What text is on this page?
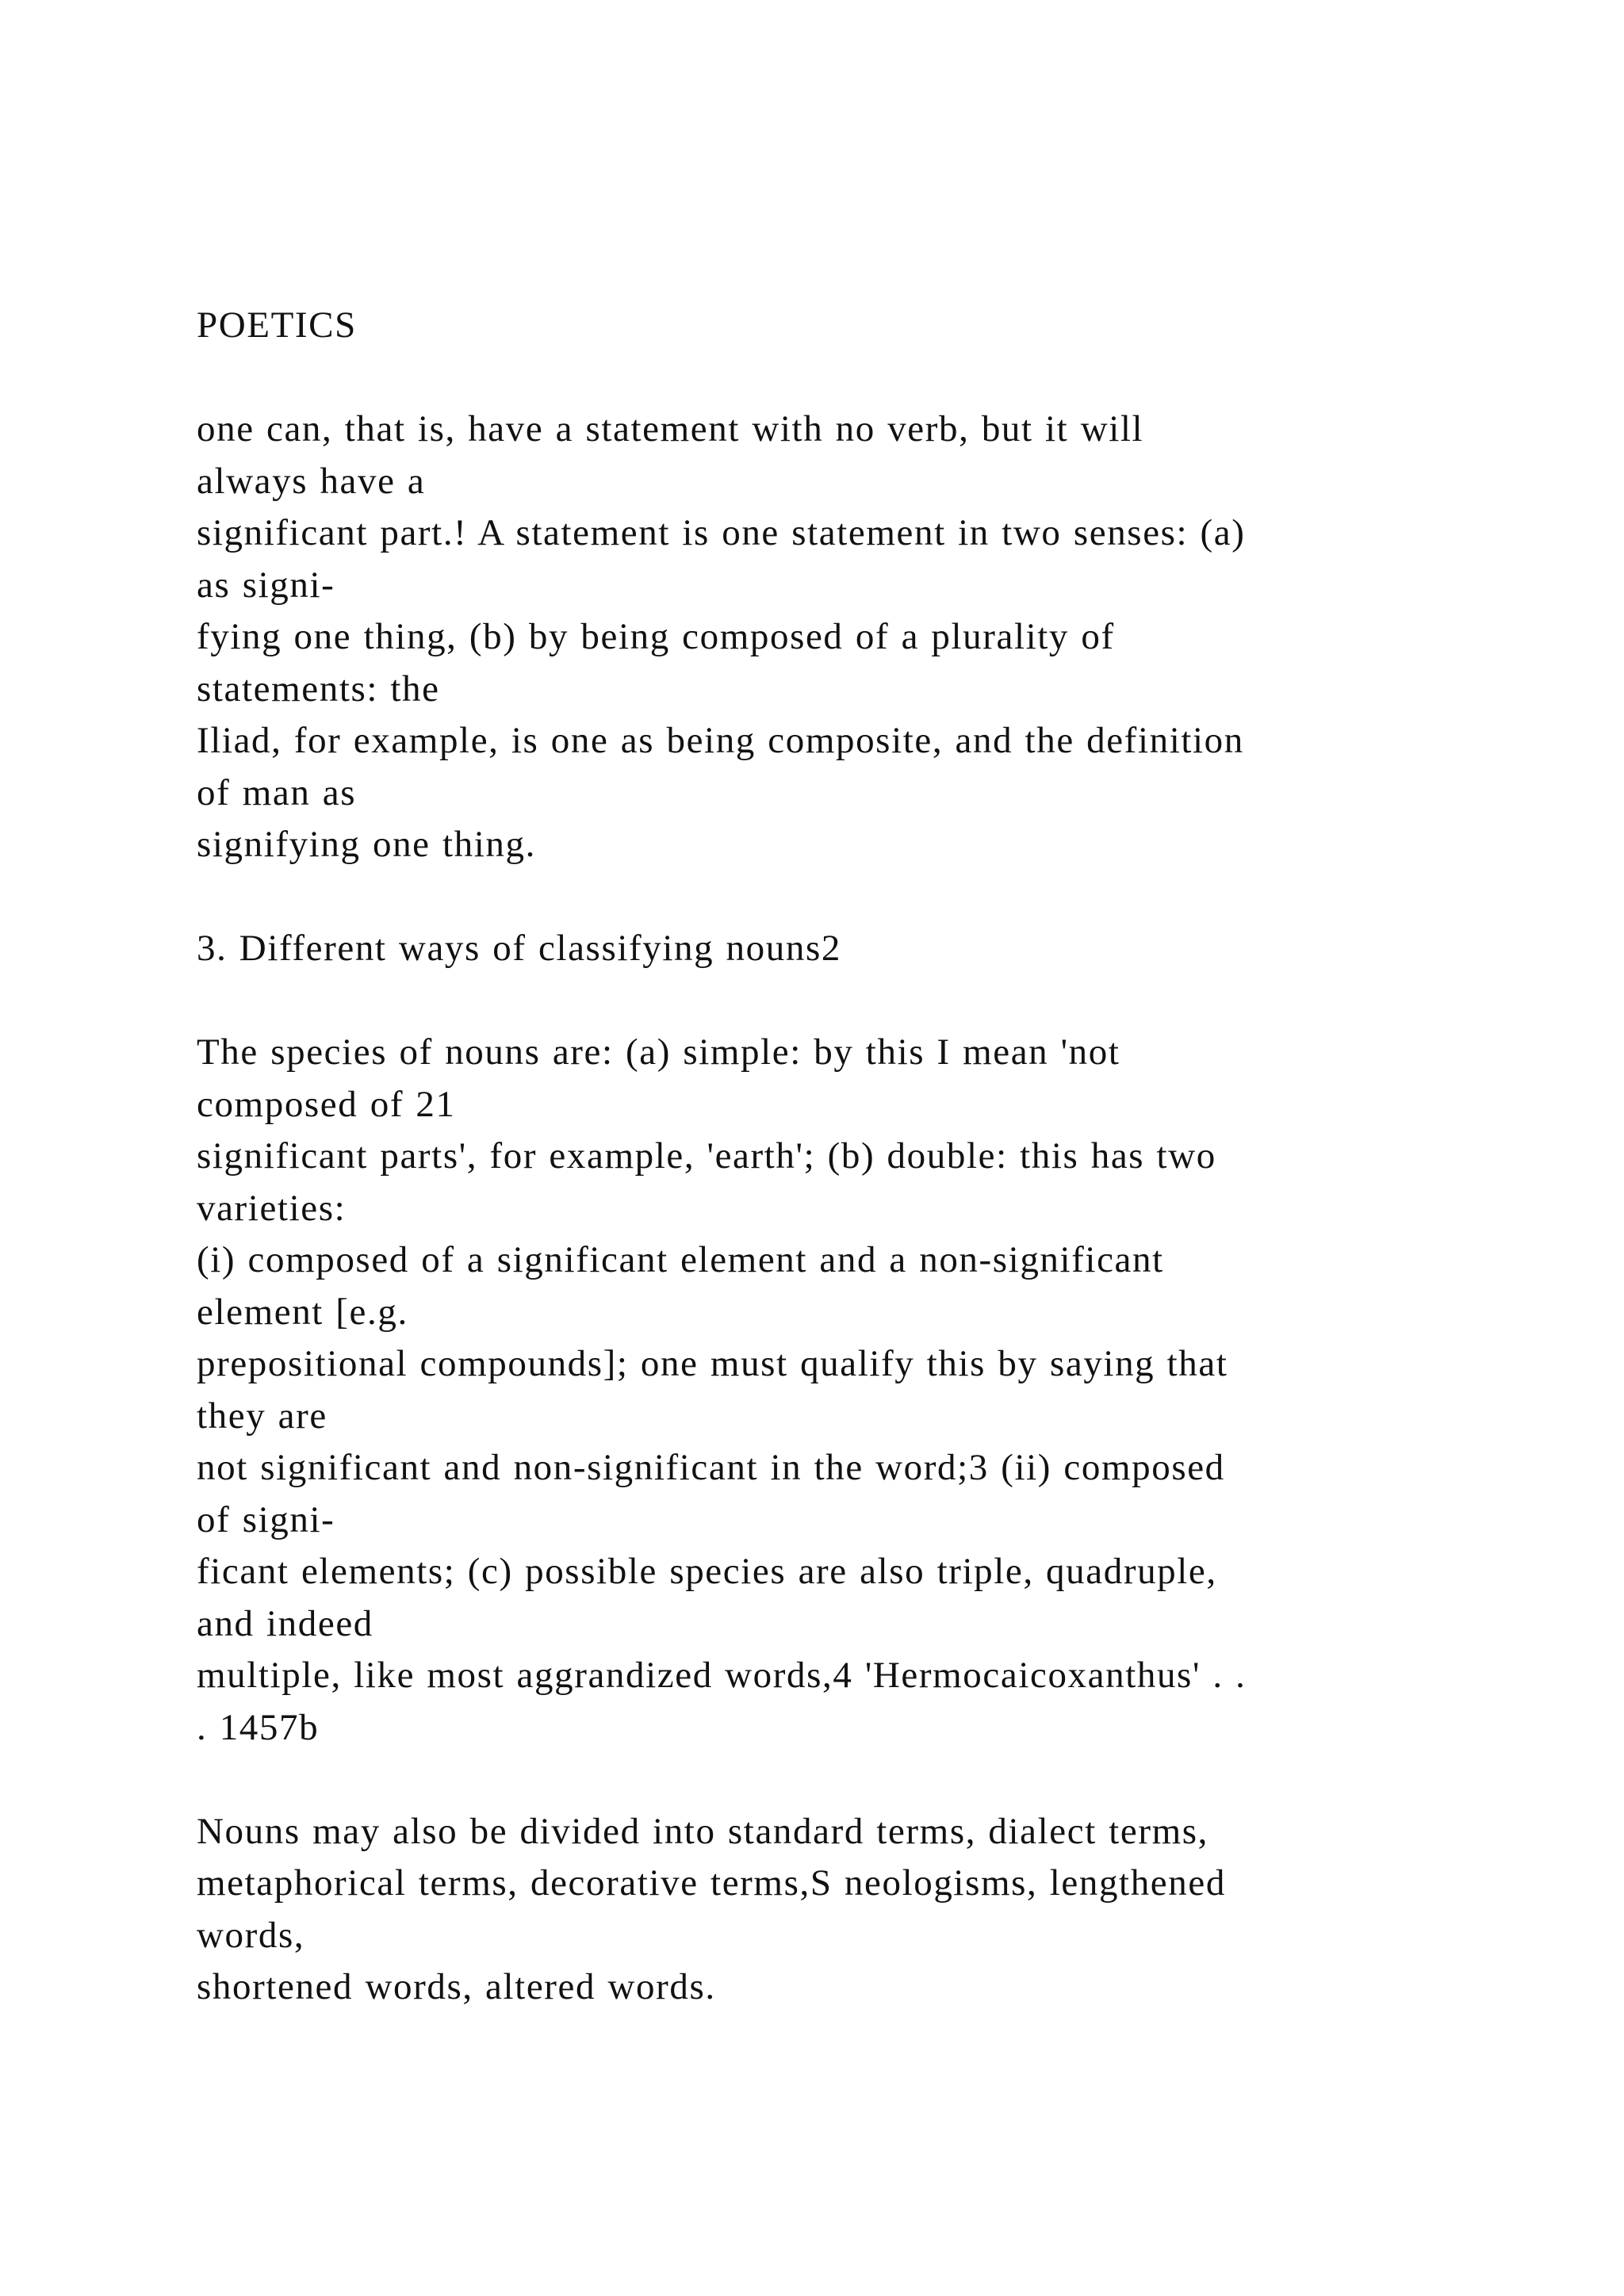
POETICS
one can, that is, have a statement with no verb, but it will
always have a
significant part.! A statement is one statement in two senses: (a)
as signi-
fying one thing, (b) by being composed of a plurality of
statements: the
Iliad, for example, is one as being composite, and the definition
of man as
signifying one thing.
3. Different ways of classifying nouns2
The species of nouns are: (a) simple: by this I mean 'not
composed of 21
significant parts', for example, 'earth'; (b) double: this has two
varieties:
(i) composed of a significant element and a non-significant
element [e.g.
prepositional compounds]; one must qualify this by saying that
they are
not significant and non-significant in the word;3 (ii) composed
of signi-
ficant elements; (c) possible species are also triple, quadruple,
and indeed
multiple, like most aggrandized words,4 'Hermocaicoxanthus' . .
. 1457b
Nouns may also be divided into standard terms, dialect terms,
metaphorical terms, decorative terms,S neologisms, lengthened
words,
shortened words, altered words.
